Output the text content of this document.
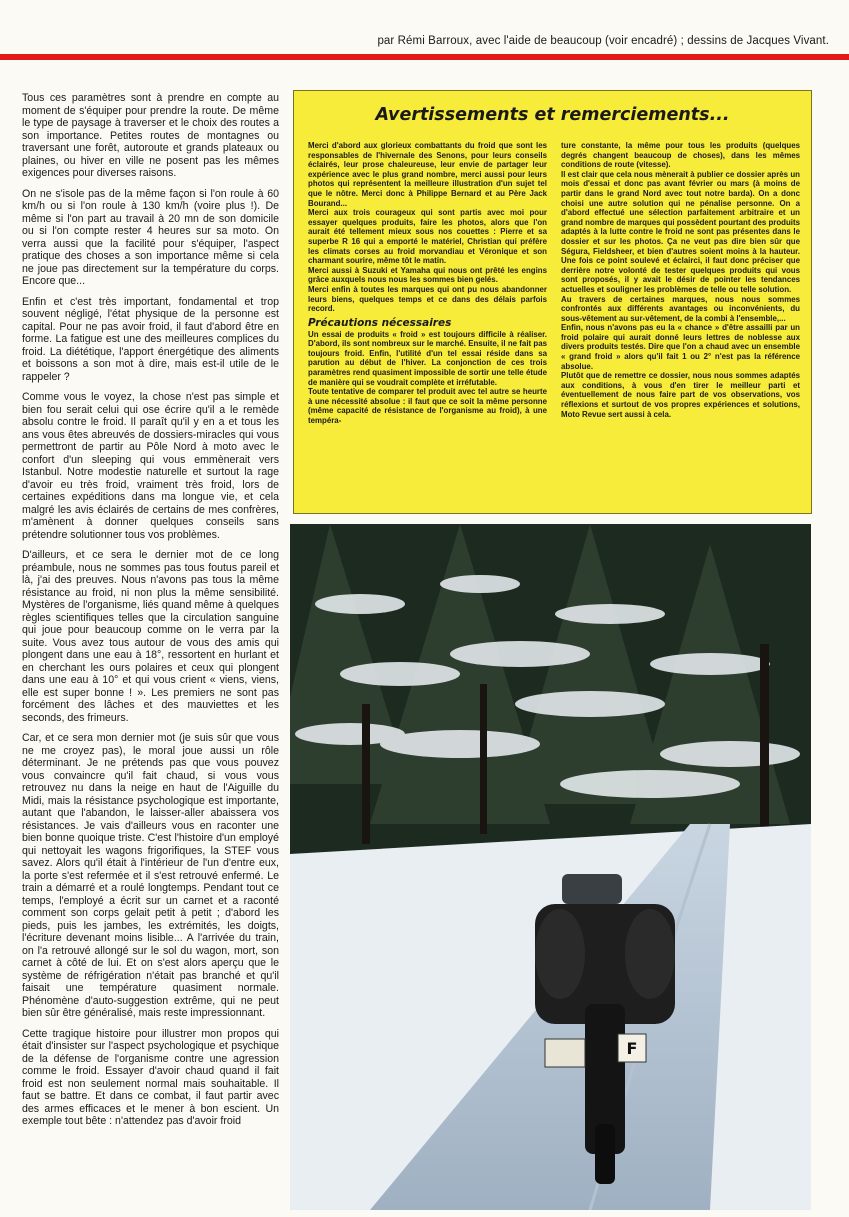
par Rémi Barroux, avec l'aide de beaucoup (voir encadré) ; dessins de Jacques Vivant.

Tous ces paramètres sont à prendre en compte au moment de s'équiper pour prendre la route. De même le type de paysage à traverser et le choix des routes a son importance. Petites routes de montagnes ou traversant une forêt, autoroute et grands plateaux ou plaines, ou hiver en ville ne posent pas les mêmes exigences pour diverses raisons.

On ne s'isole pas de la même façon si l'on roule à 60 km/h ou si l'on roule à 130 km/h (voire plus !). De même si l'on part au travail à 20 mn de son domicile ou si l'on compte rester 4 heures sur sa moto. On verra aussi que la facilité pour s'équiper, l'aspect pratique des choses a son importance même si cela ne joue pas directement sur la température du corps. Encore que...

Enfin et c'est très important, fondamental et trop souvent négligé, l'état physique de la personne est capital. Pour ne pas avoir froid, il faut d'abord être en forme. La fatigue est une des meilleures complices du froid. La diététique, l'apport énergétique des aliments et boissons a son mot à dire, mais est-il utile de le rappeler ?

Comme vous le voyez, la chose n'est pas simple et bien fou serait celui qui ose écrire qu'il a le remède absolu contre le froid. Il paraît qu'il y en a et tous les ans vous êtes abreuvés de dossiers-miracles qui vous permettront de partir au Pôle Nord à moto avec le confort d'un sleeping qui vous emmènerait vers Istanbul. Notre modestie naturelle et surtout la rage d'avoir eu très froid, vraiment très froid, lors de certaines expéditions dans ma longue vie, et cela malgré les avis éclairés de certains de mes confrères, m'amènent à donner quelques conseils sans prétendre solutionner tous vos problèmes.

D'ailleurs, et ce sera le dernier mot de ce long préambule, nous ne sommes pas tous foutus pareil et là, j'ai des preuves. Nous n'avons pas tous la même résistance au froid, ni non plus la même sensibilité. Mystères de l'organisme, liés quand même à quelques règles scientifiques telles que la circulation sanguine qui joue pour beaucoup comme on le verra par la suite. Vous avez tous autour de vous des amis qui plongent dans une eau à 18°, ressortent en hurlant et en cherchant les ours polaires et ceux qui plongent dans une eau à 10° et qui vous crient « viens, viens, elle est super bonne ! ». Les premiers ne sont pas forcément des lâches et des mauviettes et les seconds, des frimeurs.

Car, et ce sera mon dernier mot (je suis sûr que vous ne me croyez pas), le moral joue aussi un rôle déterminant. Je ne prétends pas que vous pouvez vous convaincre qu'il fait chaud, si vous vous retrouvez nu dans la neige en haut de l'Aiguille du Midi, mais la résistance psychologique est importante, autant que l'abandon, le laisser-aller abaissera vos résistances. Je vais d'ailleurs vous en raconter une bien bonne quoique triste. C'est l'histoire d'un employé qui nettoyait les wagons frigorifiques, la STEF vous savez. Alors qu'il était à l'intérieur de l'un d'entre eux, la porte s'est refermée et il s'est retrouvé enfermé. Le train a démarré et a roulé longtemps. Pendant tout ce temps, l'employé a écrit sur un carnet et a raconté comment son corps gelait petit à petit ; d'abord les pieds, puis les jambes, les extrémités, les doigts, l'écriture devenant moins lisible... A l'arrivée du train, on l'a retrouvé allongé sur le sol du wagon, mort, son carnet à côté de lui. Et on s'est alors aperçu que le système de réfrigération n'était pas branché et qu'il faisait une température quasiment normale. Phénomène d'auto-suggestion extrême, qui ne peut bien sûr être généralisé, mais reste impressionnant.

Cette tragique histoire pour illustrer mon propos qui était d'insister sur l'aspect psychologique et psychique de la défense de l'organisme contre une agression comme le froid. Essayer d'avoir chaud quand il fait froid est non seulement normal mais souhaitable. Il faut se battre. Et dans ce combat, il faut partir avec des armes efficaces et le mener à bon escient. Un exemple tout bête : n'attendez pas d'avoir froid

Avertissements et remerciements...

Merci d'abord aux glorieux combattants du froid que sont les responsables de l'hivernale des Senons, pour leurs conseils éclairés, leur prose chaleureuse, leur envie de partager leur expérience avec le plus grand nombre, merci aussi pour leurs photos qui représentent la meilleure illustration d'un sujet tel que le nôtre. Merci donc à Philippe Bernard et au Père Jack Bourand...

Merci aux trois courageux qui sont partis avec moi pour essayer quelques produits, faire les photos, alors que l'on aurait été tellement mieux sous nos couettes : Pierre et sa superbe R 16 qui a emporté le matériel, Christian qui préfère les climats corses au froid morvandiau et Véronique et son charmant sourire, même tôt le matin.

Merci aussi à Suzuki et Yamaha qui nous ont prêté les engins grâce auxquels nous nous les sommes bien gelés.

Merci enfin à toutes les marques qui ont pu nous abandonner leurs biens, quelques temps et ce dans des délais parfois record.

Précautions nécessaires

Un essai de produits « froid » est toujours difficile à réaliser. D'abord, ils sont nombreux sur le marché. Ensuite, il ne fait pas toujours froid. Enfin, l'utilité d'un tel essai réside dans sa parution au début de l'hiver. La conjonction de ces trois paramètres rend quasiment impossible de sortir une telle étude de manière qui se voudrait complète et irréfutable.

Toute tentative de comparer tel produit avec tel autre se heurte à une nécessité absolue : il faut que ce soit la même personne (même capacité de résistance de l'organisme au froid), à une tempéra-

ture constante, la même pour tous les produits (quelques degrés changent beaucoup de choses), dans les mêmes conditions de route (vitesse).

Il est clair que cela nous mènerait à publier ce dossier après un mois d'essai et donc pas avant février ou mars (à moins de partir dans le grand Nord avec tout notre barda). On a donc choisi une autre solution qui ne pénalise personne. On a d'abord effectué une sélection parfaitement arbitraire et un grand nombre de marques qui possèdent pourtant des produits adaptés à la lutte contre le froid ne sont pas présentes dans le dossier et sur les photos. Ça ne veut pas dire bien sûr que Ségura, Fieldsheer, et bien d'autres soient moins à la hauteur. Une fois ce point soulevé et éclairci, il faut donc préciser que derrière notre volonté de tester quelques produits qui vous sont proposés, il y avait le désir de pointer les tendances actuelles et souligner les problèmes de telle ou telle solution.

Au travers de certaines marques, nous nous sommes confrontés aux différents avantages ou inconvénients, du sous-vêtement au sur-vêtement, de la combi à l'ensemble,...

Enfin, nous n'avons pas eu la « chance » d'être assailli par un froid polaire qui aurait donné leurs lettres de noblesse aux divers produits testés. Dire que l'on a chaud avec un ensemble « grand froid » alors qu'il fait 1 ou 2° n'est pas la référence absolue.

Plutôt que de remettre ce dossier, nous nous sommes adaptés aux conditions, à vous d'en tirer le meilleur parti et éventuellement de nous faire part de vos observations, vos réflexions et surtout de vos propres expériences et solutions, Moto Revue sert aussi à cela.

F
